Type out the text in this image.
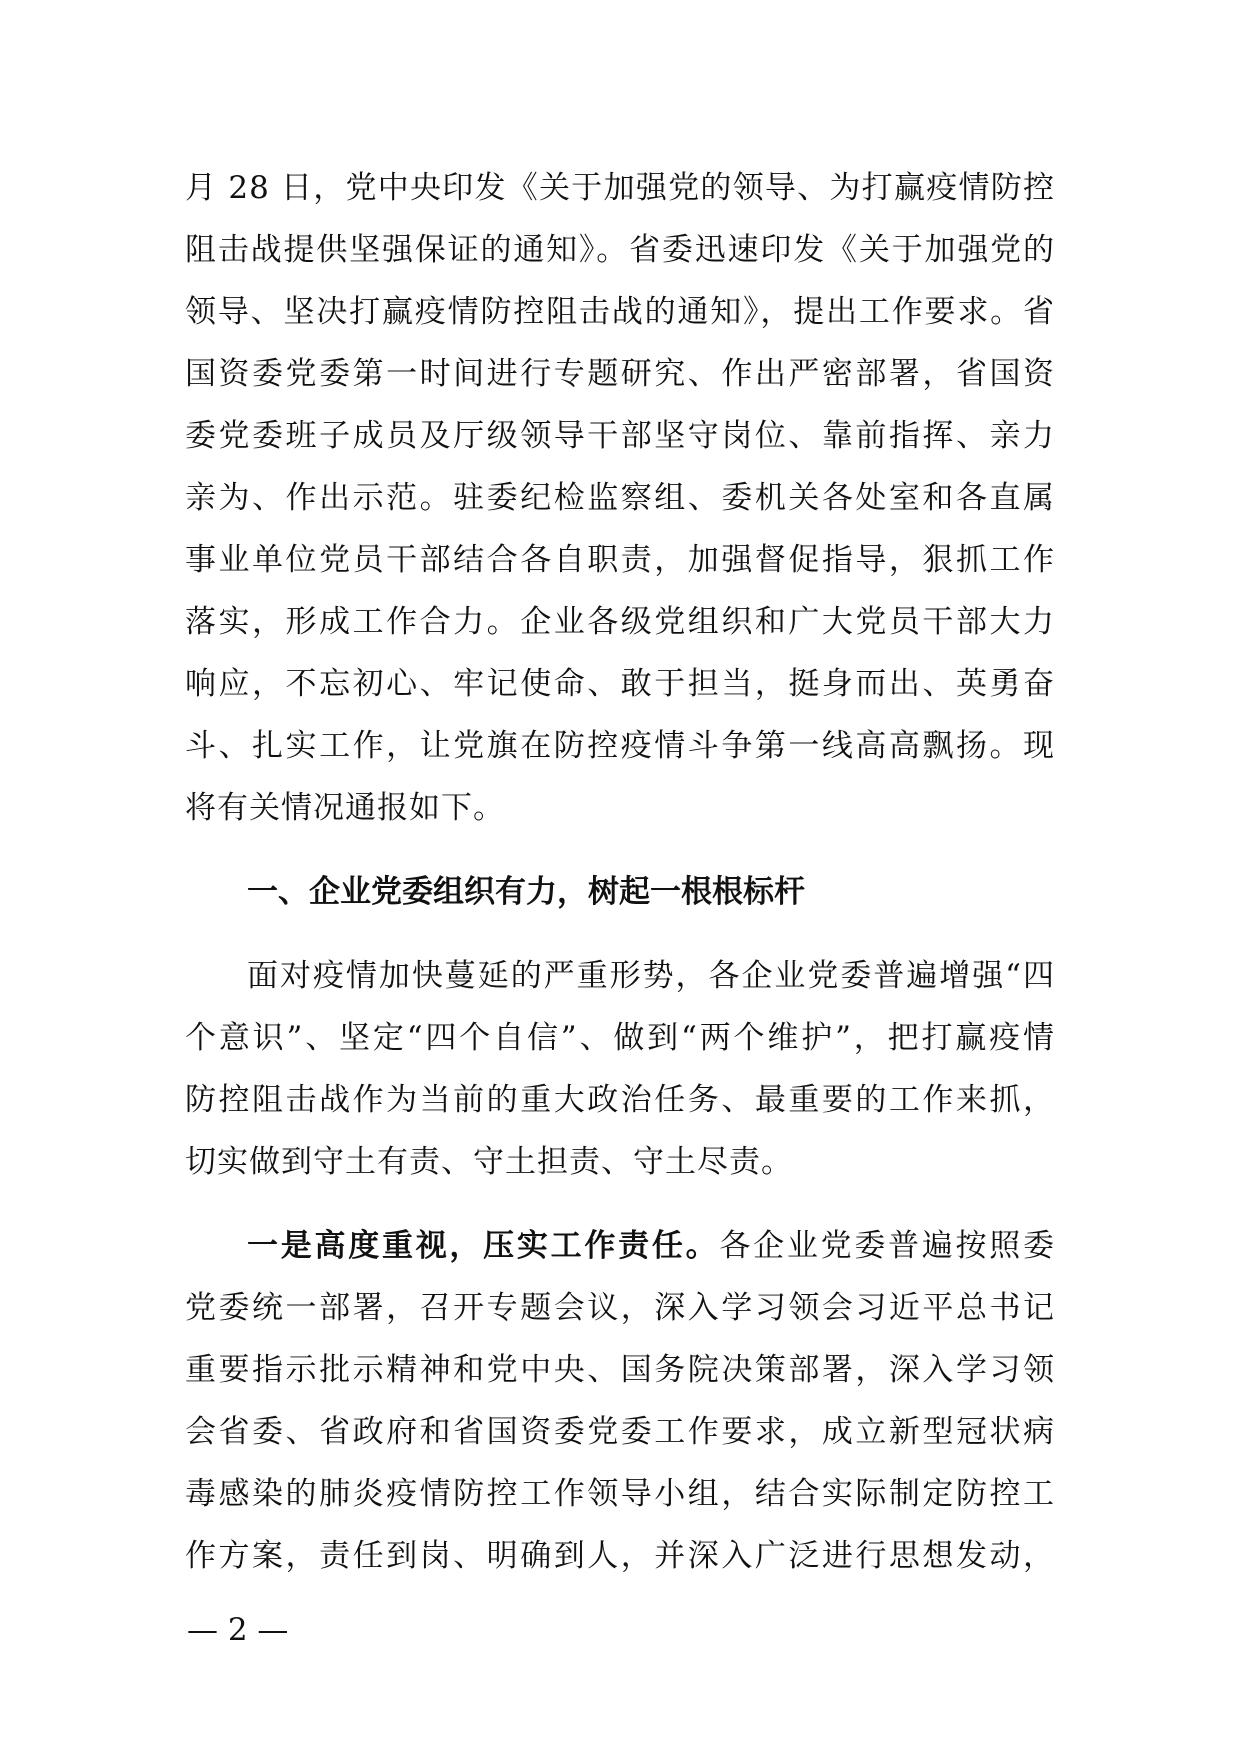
月 28 日，党中央印发《关于加强党的领导、为打赢疫情防控
阻击战提供坚强保证的通知》。省委迅速印发《关于加强党的
领导、坚决打赢疫情防控阻击战的通知》，提出工作要求。省
国资委党委第一时间进行专题研究、作出严密部署，省国资
委党委班子成员及厅级领导干部坚守岗位、靠前指挥、亲力
亲为、作出示范。驻委纪检监察组、委机关各处室和各直属
事业单位党员干部结合各自职责，加强督促指导，狠抓工作
落实，形成工作合力。企业各级党组织和广大党员干部大力
响应，不忘初心、牢记使命、敢于担当，挺身而出、英勇奋
斗、扎实工作，让党旗在防控疫情斗争第一线高高飘扬。现
将有关情况通报如下。
一、企业党委组织有力，树起一根根标杆
面对疫情加快蔓延的严重形势，各企业党委普遍增强“四
个意识”、坚定“四个自信”、做到“两个维护”，把打赢疫情
防控阻击战作为当前的重大政治任务、最重要的工作来抓，
切实做到守土有责、守土担责、守土尽责。
一是高度重视，压实工作责任。各企业党委普遍按照委
党委统一部署，召开专题会议，深入学习领会习近平总书记
重要指示批示精神和党中央、国务院决策部署，深入学习领
会省委、省政府和省国资委党委工作要求，成立新型冠状病
毒感染的肺炎疫情防控工作领导小组，结合实际制定防控工
作方案，责任到岗、明确到人，并深入广泛进行思想发动，
— 2 —
